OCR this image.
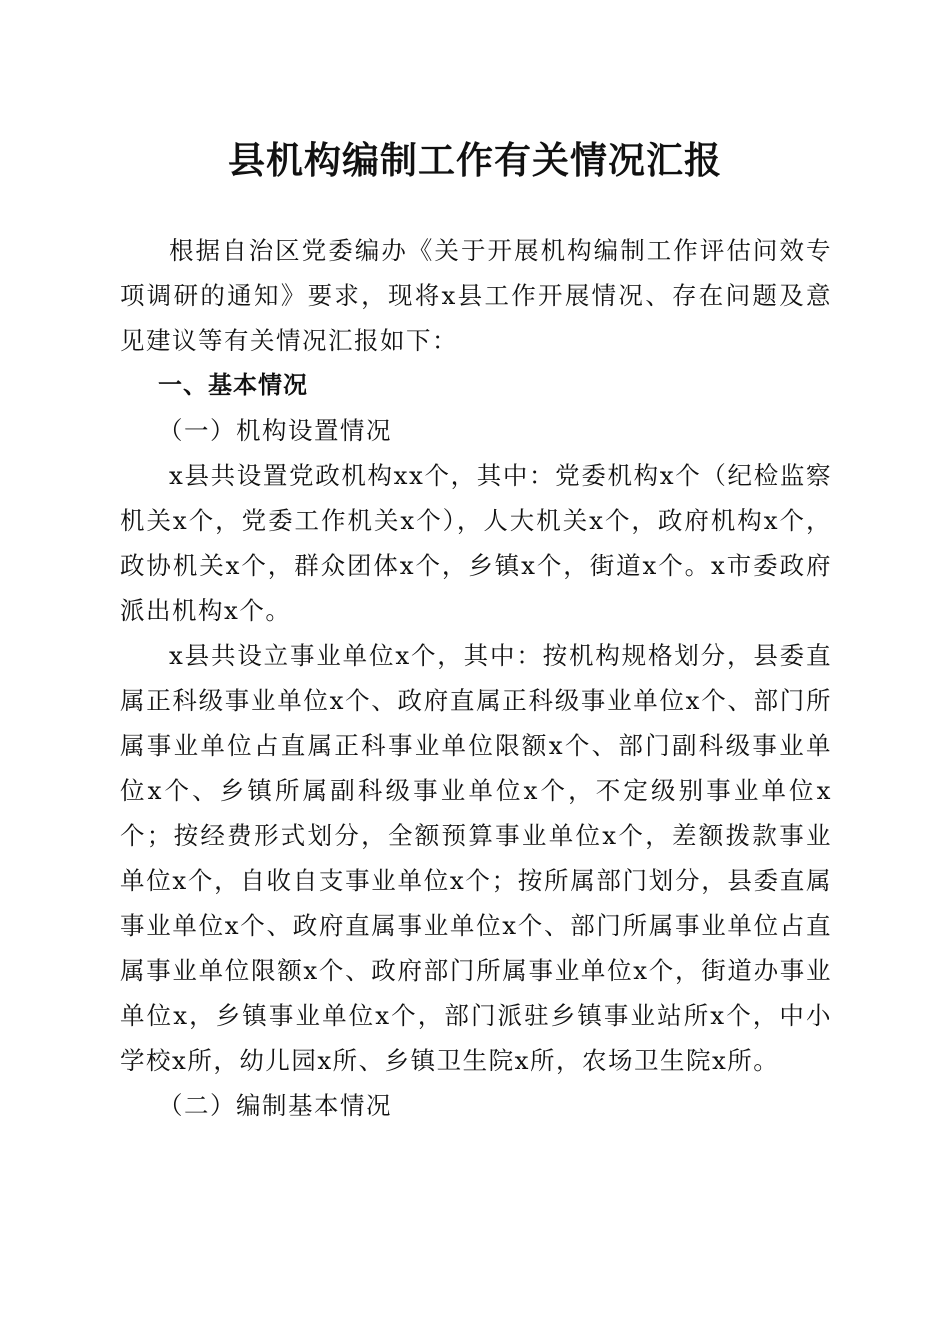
县机构编制工作有关情况汇报

根据自治区党委编办《关于开展机构编制工作评估问效专项调研的通知》要求，现将x县工作开展情况、存在问题及意见建议等有关情况汇报如下：

一、基本情况

（一）机构设置情况

x县共设置党政机构xx个，其中：党委机构x个（纪检监察机关x个，党委工作机关x个），人大机关x个，政府机构x个，政协机关x个，群众团体x个，乡镇x个，街道x个。x市委政府派出机构x个。

x县共设立事业单位x个，其中：按机构规格划分，县委直属正科级事业单位x个、政府直属正科级事业单位x个、部门所属事业单位占直属正科事业单位限额x个、部门副科级事业单位x个、乡镇所属副科级事业单位x个，不定级别事业单位x个；按经费形式划分，全额预算事业单位x个，差额拨款事业单位x个，自收自支事业单位x个；按所属部门划分，县委直属事业单位x个、政府直属事业单位x个、部门所属事业单位占直属事业单位限额x个、政府部门所属事业单位x个，街道办事业单位x，乡镇事业单位x个，部门派驻乡镇事业站所x个，中小学校x所，幼儿园x所、乡镇卫生院x所，农场卫生院x所。

（二）编制基本情况
